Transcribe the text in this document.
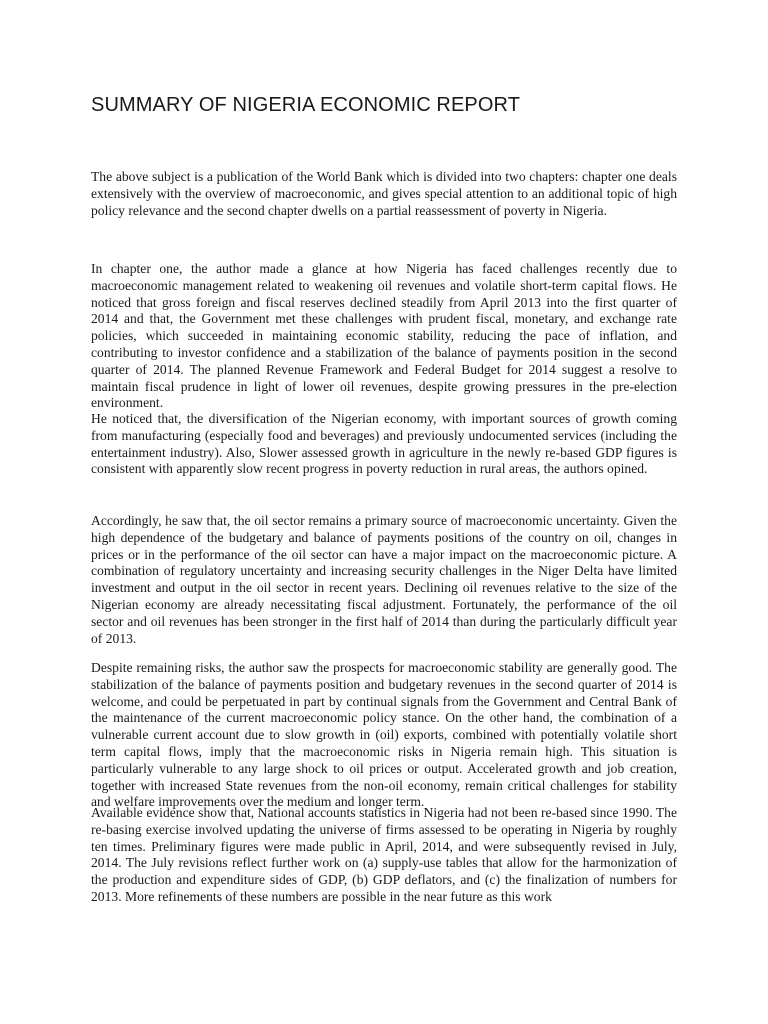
SUMMARY OF NIGERIA ECONOMIC REPORT

The above subject is a publication of the World Bank which is divided into two chapters: chapter one deals extensively with the overview of macroeconomic, and gives special attention to an additional topic of high policy relevance and the second chapter dwells on a partial reassessment of poverty in Nigeria.

In chapter one, the author made a glance at how Nigeria has faced challenges recently due to macroeconomic management related to weakening oil revenues and volatile short-term capital flows. He noticed that gross foreign and fiscal reserves declined steadily from April 2013 into the first quarter of 2014 and that, the Government met these challenges with prudent fiscal, monetary, and exchange rate policies, which succeeded in maintaining economic stability, reducing the pace of inflation, and contributing to investor confidence and a stabilization of the balance of payments position in the second quarter of 2014. The planned Revenue Framework and Federal Budget for 2014 suggest a resolve to maintain fiscal prudence in light of lower oil revenues, despite growing pressures in the pre-election environment.

He noticed that, the diversification of the Nigerian economy, with important sources of growth coming from manufacturing (especially food and beverages) and previously undocumented services (including the entertainment industry). Also, Slower assessed growth in agriculture in the newly re-based GDP figures is consistent with apparently slow recent progress in poverty reduction in rural areas, the authors opined.

Accordingly, he saw that, the oil sector remains a primary source of macroeconomic uncertainty. Given the high dependence of the budgetary and balance of payments positions of the country on oil, changes in prices or in the performance of the oil sector can have a major impact on the macroeconomic picture. A combination of regulatory uncertainty and increasing security challenges in the Niger Delta have limited investment and output in the oil sector in recent years. Declining oil revenues relative to the size of the Nigerian economy are already necessitating fiscal adjustment. Fortunately, the performance of the oil sector and oil revenues has been stronger in the first half of 2014 than during the particularly difficult year of 2013.

Despite remaining risks, the author saw the prospects for macroeconomic stability are generally good. The stabilization of the balance of payments position and budgetary revenues in the second quarter of 2014 is welcome, and could be perpetuated in part by continual signals from the Government and Central Bank of the maintenance of the current macroeconomic policy stance. On the other hand, the combination of a vulnerable current account due to slow growth in (oil) exports, combined with potentially volatile short term capital flows, imply that the macroeconomic risks in Nigeria remain high. This situation is particularly vulnerable to any large shock to oil prices or output. Accelerated growth and job creation, together with increased State revenues from the non-oil economy, remain critical challenges for stability and welfare improvements over the medium and longer term.

Available evidence show that, National accounts statistics in Nigeria had not been re-based since 1990. The re-basing exercise involved updating the universe of firms assessed to be operating in Nigeria by roughly ten times. Preliminary figures were made public in April, 2014, and were subsequently revised in July, 2014. The July revisions reflect further work on (a) supply-use tables that allow for the harmonization of the production and expenditure sides of GDP, (b) GDP deflators, and (c) the finalization of numbers for 2013. More refinements of these numbers are possible in the near future as this work
